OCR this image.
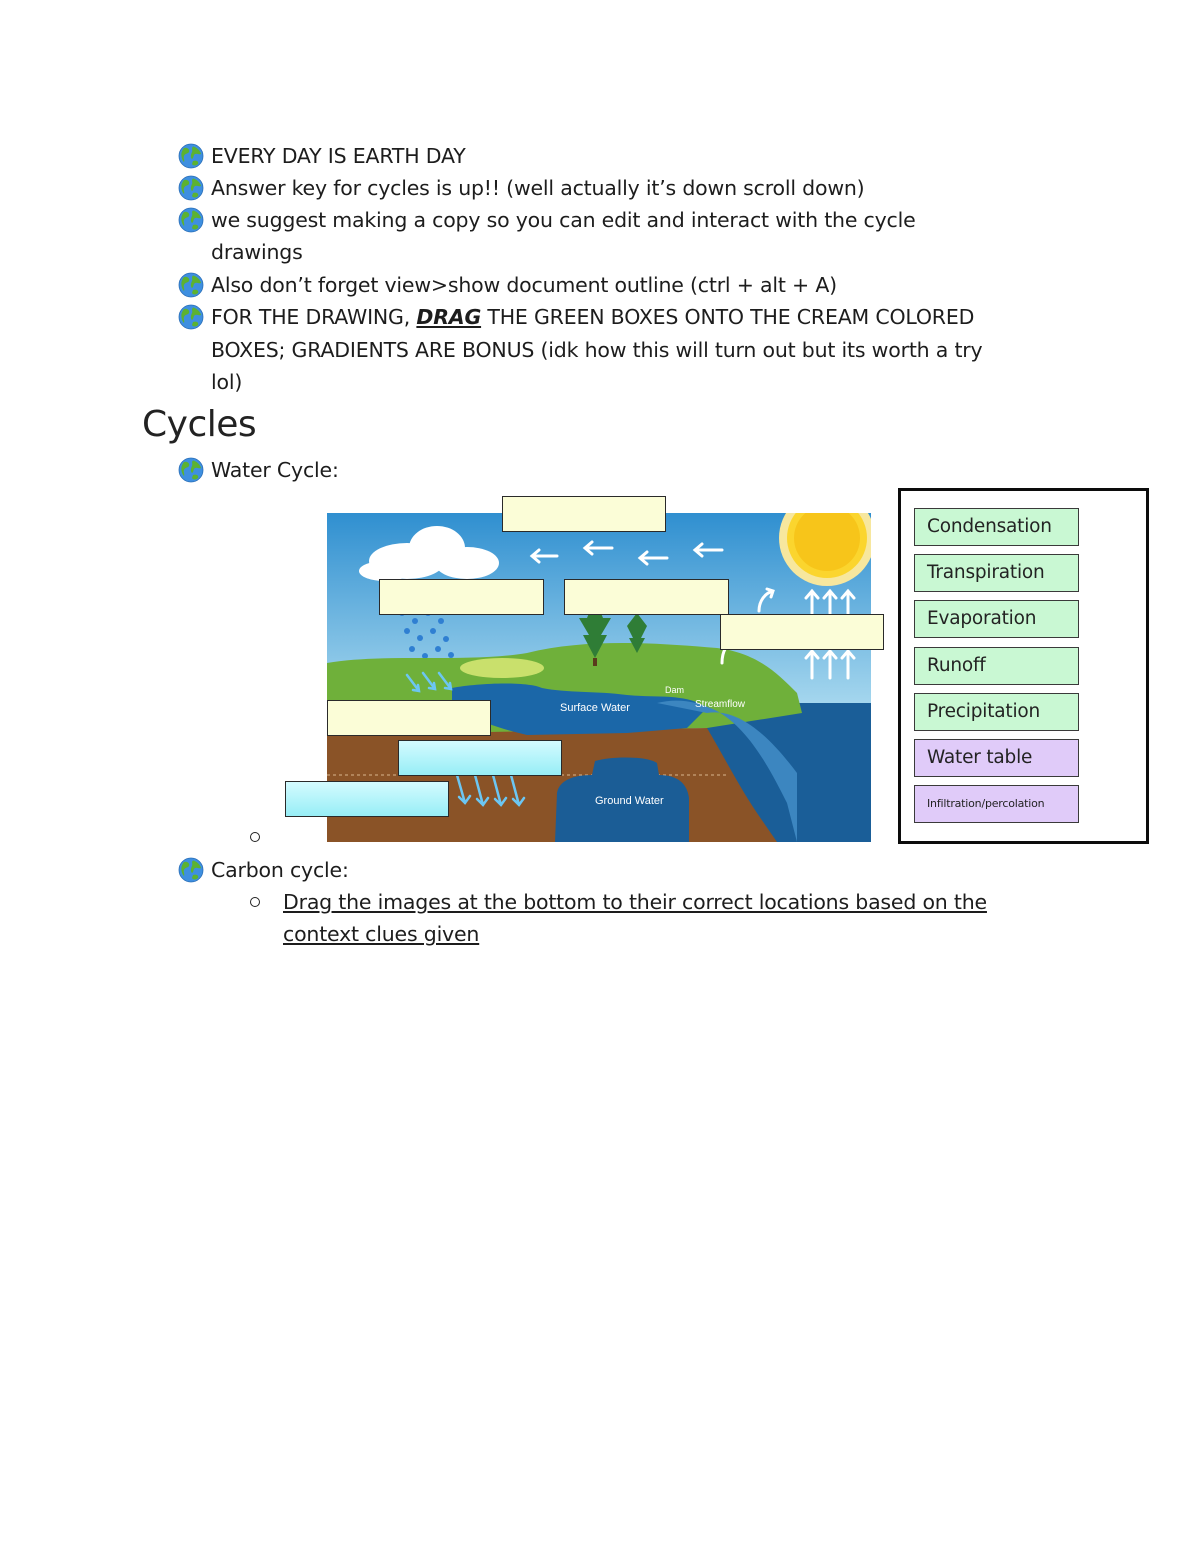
EVERY DAY IS EARTH DAY
Answer key for cycles is up!! (well actually it’s down scroll down)
we suggest making a copy so you can edit and interact with the cycle
drawings
Also don’t forget view>show document outline (ctrl + alt + A)
FOR THE DRAWING, DRAG THE GREEN BOXES ONTO THE CREAM COLORED
BOXES; GRADIENTS ARE BONUS (idk how this will turn out but its worth a try
lol)
Cycles
Water Cycle:
Surface Water
Dam
Streamflow
Ground Water
Condensation
Transpiration
Evaporation
Runoff
Precipitation
Water table
Infiltration/percolation
Carbon cycle:
Drag the images at the bottom to their correct locations based on the
context clues given
